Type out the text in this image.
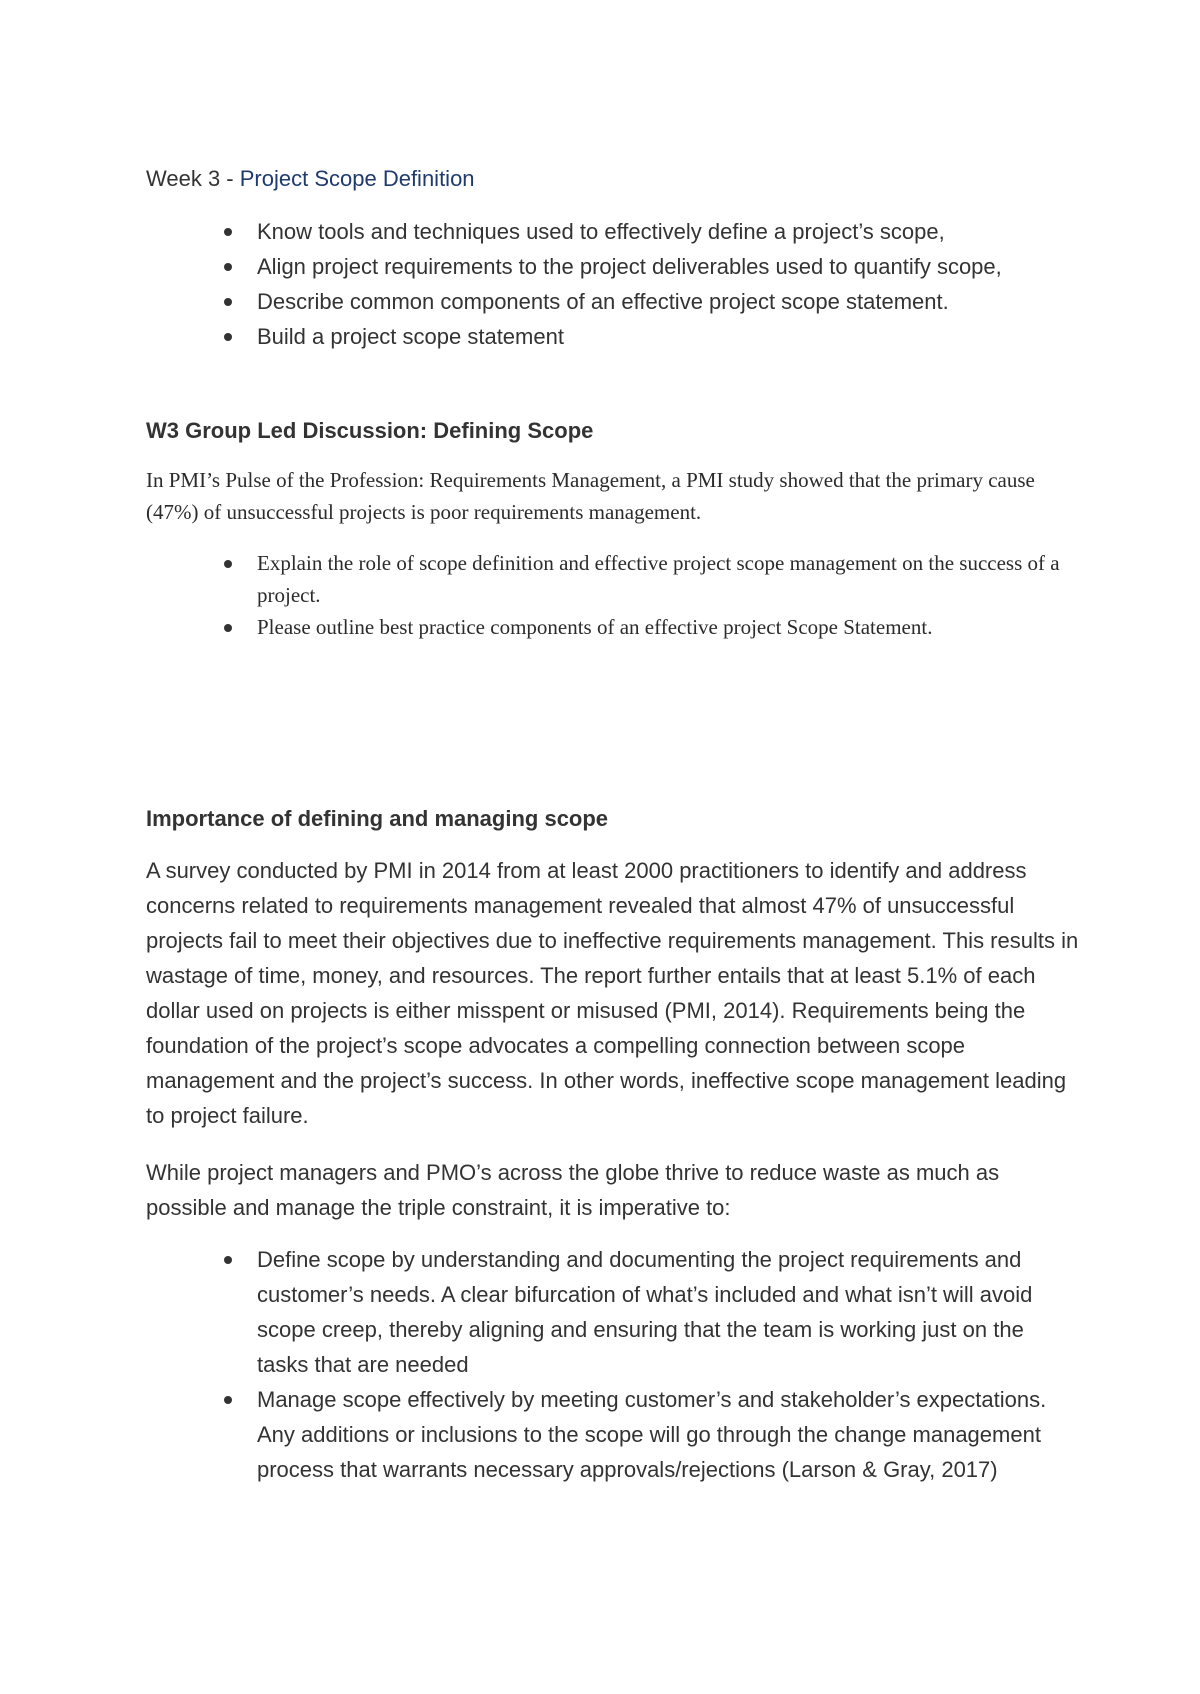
Week 3 - Project Scope Definition

Know tools and techniques used to effectively define a project’s scope,
Align project requirements to the project deliverables used to quantify scope,
Describe common components of an effective project scope statement.
Build a project scope statement

W3 Group Led Discussion: Defining Scope

In PMI’s Pulse of the Profession: Requirements Management, a PMI study showed that the primary cause (47%) of unsuccessful projects is poor requirements management.

Explain the role of scope definition and effective project scope management on the success of a project.
Please outline best practice components of an effective project Scope Statement.

Importance of defining and managing scope

A survey conducted by PMI in 2014 from at least 2000 practitioners to identify and address concerns related to requirements management revealed that almost 47% of unsuccessful projects fail to meet their objectives due to ineffective requirements management. This results in wastage of time, money, and resources. The report further entails that at least 5.1% of each dollar used on projects is either misspent or misused (PMI, 2014). Requirements being the foundation of the project’s scope advocates a compelling connection between scope management and the project’s success. In other words, ineffective scope management leading to project failure.

While project managers and PMO’s across the globe thrive to reduce waste as much as possible and manage the triple constraint, it is imperative to:

Define scope by understanding and documenting the project requirements and customer’s needs. A clear bifurcation of what’s included and what isn’t will avoid scope creep, thereby aligning and ensuring that the team is working just on the tasks that are needed
Manage scope effectively by meeting customer’s and stakeholder’s expectations. Any additions or inclusions to the scope will go through the change management process that warrants necessary approvals/rejections (Larson & Gray, 2017)
